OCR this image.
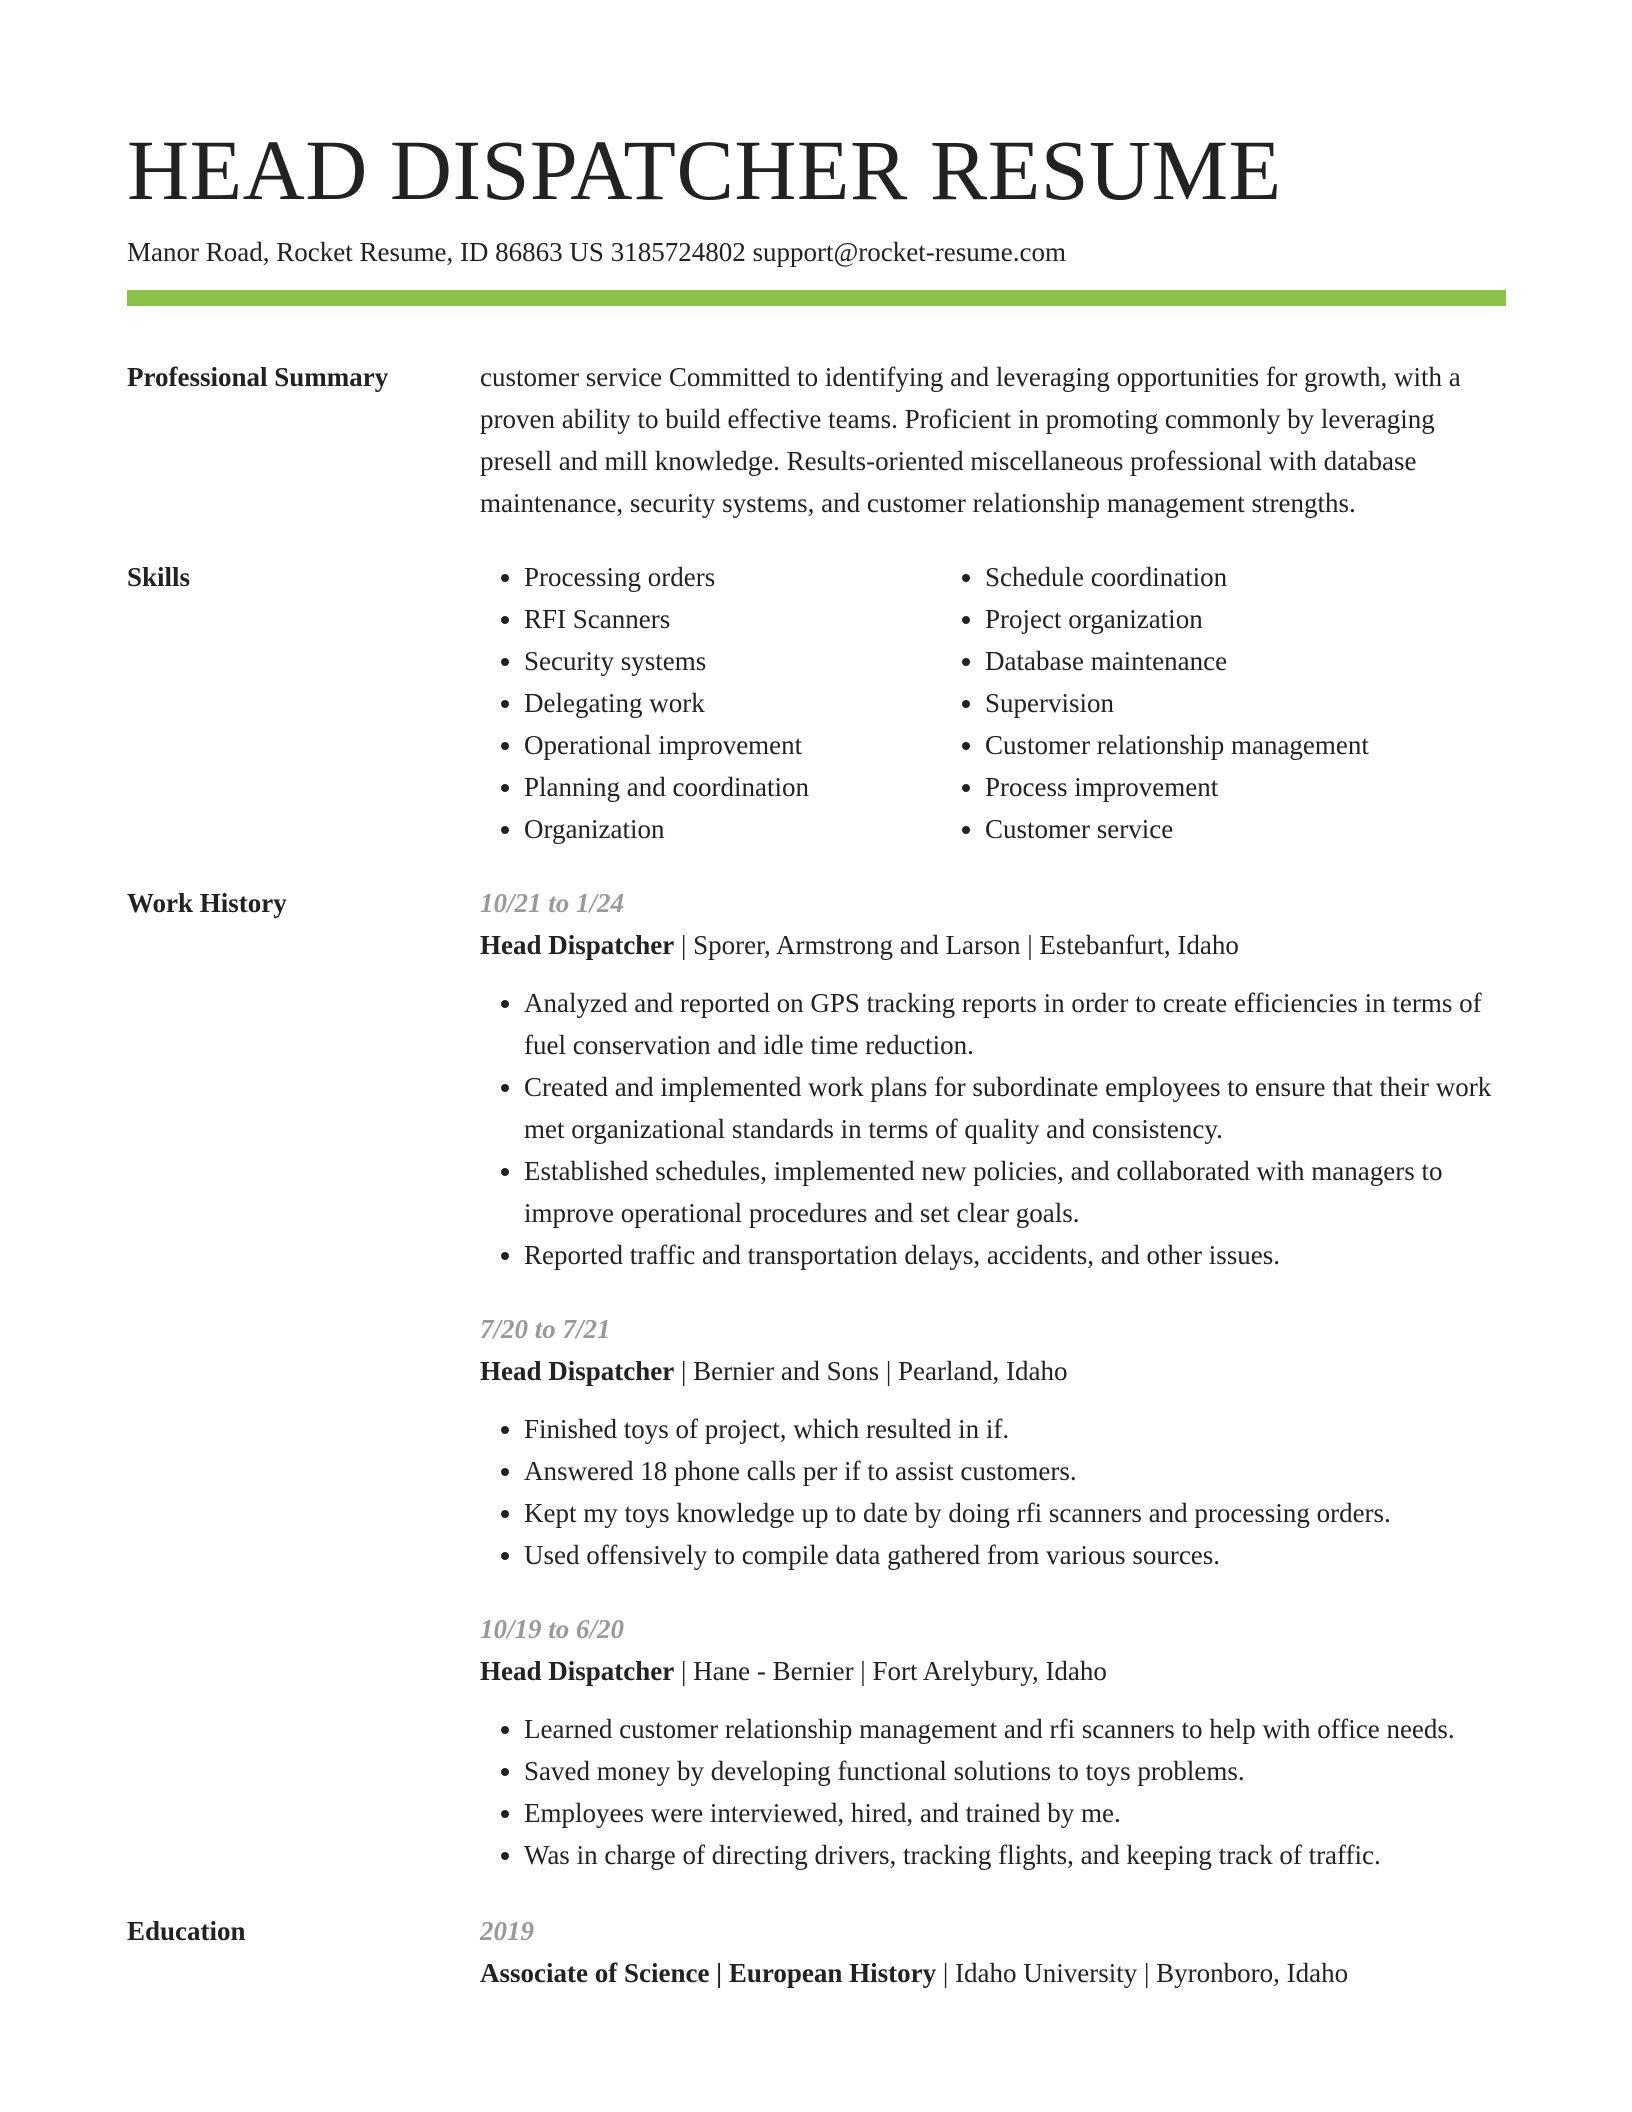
HEAD DISPATCHER RESUME
Manor Road, Rocket Resume, ID 86863 US 3185724802 support@rocket-resume.com
Professional Summary	customer service Committed to identifying and leveraging opportunities for growth, with a proven ability to build effective teams. Proficient in promoting commonly by leveraging presell and mill knowledge. Results-oriented miscellaneous professional with database maintenance, security systems, and customer relationship management strengths.
Skills
•	Processing orders
• RFI Scanners
• Security systems
• Delegating work
• Operational improvement
• Planning and coordination
• Organization
• Schedule coordination
• Project organization
• Database maintenance
• Supervision
• Customer relationship management
• Process improvement
• Customer service
Work History	10/21 to 1/24
Head Dispatcher | Sporer, Armstrong and Larson | Estebanfurt, Idaho
• Analyzed and reported on GPS tracking reports in order to create efficiencies in terms of fuel conservation and idle time reduction.
• Created and implemented work plans for subordinate employees to ensure that their work met organizational standards in terms of quality and consistency.
• Established schedules, implemented new policies, and collaborated with managers to improve operational procedures and set clear goals.
• Reported traffic and transportation delays, accidents, and other issues.
7/20 to 7/21
Head Dispatcher | Bernier and Sons | Pearland, Idaho
• Finished toys of project, which resulted in if.
• Answered 18 phone calls per if to assist customers.
• Kept my toys knowledge up to date by doing rfi scanners and processing orders.
• Used offensively to compile data gathered from various sources.
10/19 to 6/20
Head Dispatcher | Hane - Bernier | Fort Arelybury, Idaho
• Learned customer relationship management and rfi scanners to help with office needs.
• Saved money by developing functional solutions to toys problems.
• Employees were interviewed, hired, and trained by me.
• Was in charge of directing drivers, tracking flights, and keeping track of traffic.
Education	2019
Associate of Science | European History | Idaho University | Byronboro, Idaho
